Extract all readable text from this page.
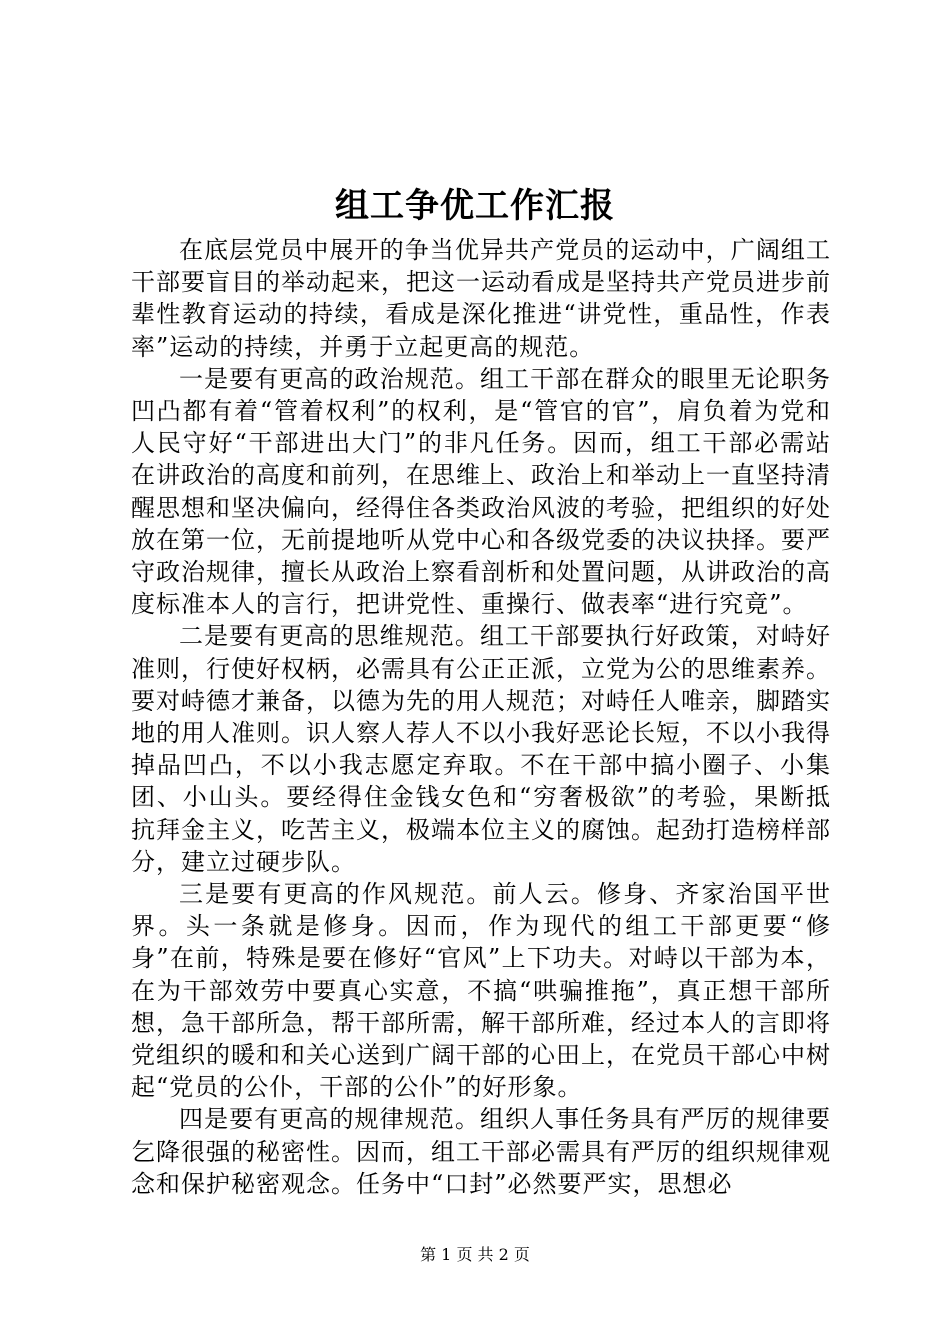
组工争优工作汇报

在底层党员中展开的争当优异共产党员的运动中，广阔组工干部要盲目的举动起来，把这一运动看成是坚持共产党员进步前辈性教育运动的持续，看成是深化推进“讲党性，重品性，作表率”运动的持续，并勇于立起更高的规范。

一是要有更高的政治规范。组工干部在群众的眼里无论职务凹凸都有着“管着权利”的权利，是“管官的官”，肩负着为党和人民守好“干部进出大门”的非凡任务。因而，组工干部必需站在讲政治的高度和前列，在思维上、政治上和举动上一直坚持清醒思想和坚决偏向，经得住各类政治风波的考验，把组织的好处放在第一位，无前提地听从党中心和各级党委的决议抉择。要严守政治规律，擅长从政治上察看剖析和处置问题，从讲政治的高度标准本人的言行，把讲党性、重操行、做表率“进行究竟”。

二是要有更高的思维规范。组工干部要执行好政策，对峙好准则，行使好权柄，必需具有公正正派，立党为公的思维素养。要对峙德才兼备，以德为先的用人规范；对峙任人唯亲，脚踏实地的用人准则。识人察人荐人不以小我好恶论长短，不以小我得掉品凹凸，不以小我志愿定弃取。不在干部中搞小圈子、小集团、小山头。要经得住金钱女色和“穷奢极欲”的考验，果断抵抗拜金主义，吃苦主义，极端本位主义的腐蚀。起劲打造榜样部分，建立过硬步队。

三是要有更高的作风规范。前人云。修身、齐家治国平世界。头一条就是修身。因而，作为现代的组工干部更要“修身”在前，特殊是要在修好“官风”上下功夫。对峙以干部为本，在为干部效劳中要真心实意，不搞“哄骗推拖”，真正想干部所想，急干部所急，帮干部所需，解干部所难，经过本人的言即将党组织的暖和和关心送到广阔干部的心田上，在党员干部心中树起“党员的公仆，干部的公仆”的好形象。

四是要有更高的规律规范。组织人事任务具有严厉的规律要乞降很强的秘密性。因而，组工干部必需具有严厉的组织规律观念和保护秘密观念。任务中“口封”必然要严实，思想必

第 1 页 共 2 页
